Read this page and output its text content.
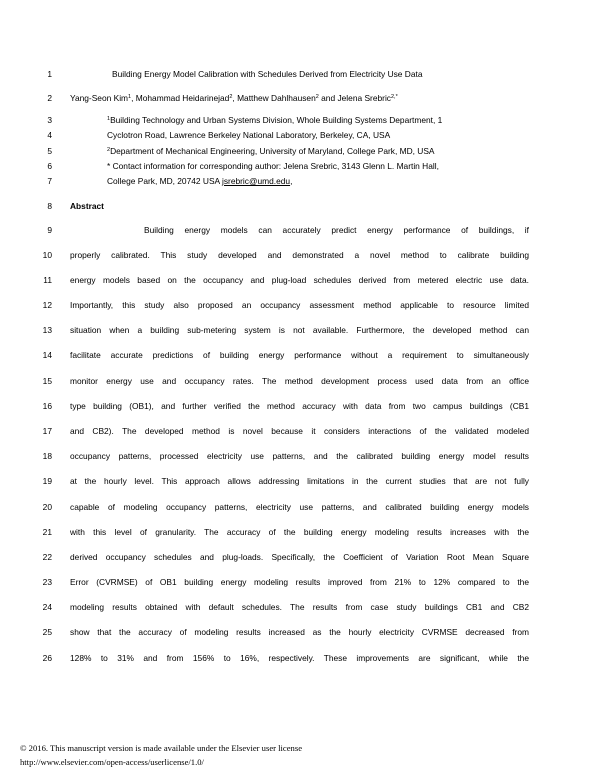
1
2
3
4
5
6
7
8
9
10
11
12
13
14
15
16
17
18
19
20
21
22
23
24
25
26
Building Energy Model Calibration with Schedules Derived from Electricity Use Data
Yang-Seon Kim$^1$, Mohammad Heidarinejad$^2$, Matthew Dahlhausen$^2$ and Jelena Srebric$^{2,*}$
$^1$Building Technology and Urban Systems Division, Whole Building Systems Department, 1
Cyclotron Road, Lawrence Berkeley National Laboratory, Berkeley, CA, USA
$^2$Department of Mechanical Engineering, University of Maryland, College Park, MD, USA
* Contact information for corresponding author: Jelena Srebric, 3143 Glenn L. Martin Hall,
College Park, MD, 20742 USA jsrebric@umd.edu,
Abstract
Building energy models can accurately predict energy performance of buildings, if
properly calibrated. This study developed and demonstrated a novel method to calibrate building
energy models based on the occupancy and plug-load schedules derived from metered electric use data.
Importantly, this study also proposed an occupancy assessment method applicable to resource limited
situation when a building sub-metering system is not available. Furthermore, the developed method can
facilitate accurate predictions of building energy performance without a requirement to simultaneously
monitor energy use and occupancy rates. The method development process used data from an office
type building (OB1), and further verified the method accuracy with data from two campus buildings (CB1
and CB2). The developed method is novel because it considers interactions of the validated modeled
occupancy patterns, processed electricity use patterns, and the calibrated building energy model results
at the hourly level. This approach allows addressing limitations in the current studies that are not fully
capable of modeling occupancy patterns, electricity use patterns, and calibrated building energy models
with this level of granularity. The accuracy of the building energy modeling results increases with the
derived occupancy schedules and plug-loads. Specifically, the Coefficient of Variation Root Mean Square
Error (CVRMSE) of OB1 building energy modeling results improved from 21% to 12% compared to the
modeling results obtained with default schedules. The results from case study buildings CB1 and CB2
show that the accuracy of modeling results increased as the hourly electricity CVRMSE decreased from
128% to 31% and from 156% to 16%, respectively. These improvements are significant, while the
© 2016. This manuscript version is made available under the Elsevier user license
http://www.elsevier.com/open-access/userlicense/1.0/
